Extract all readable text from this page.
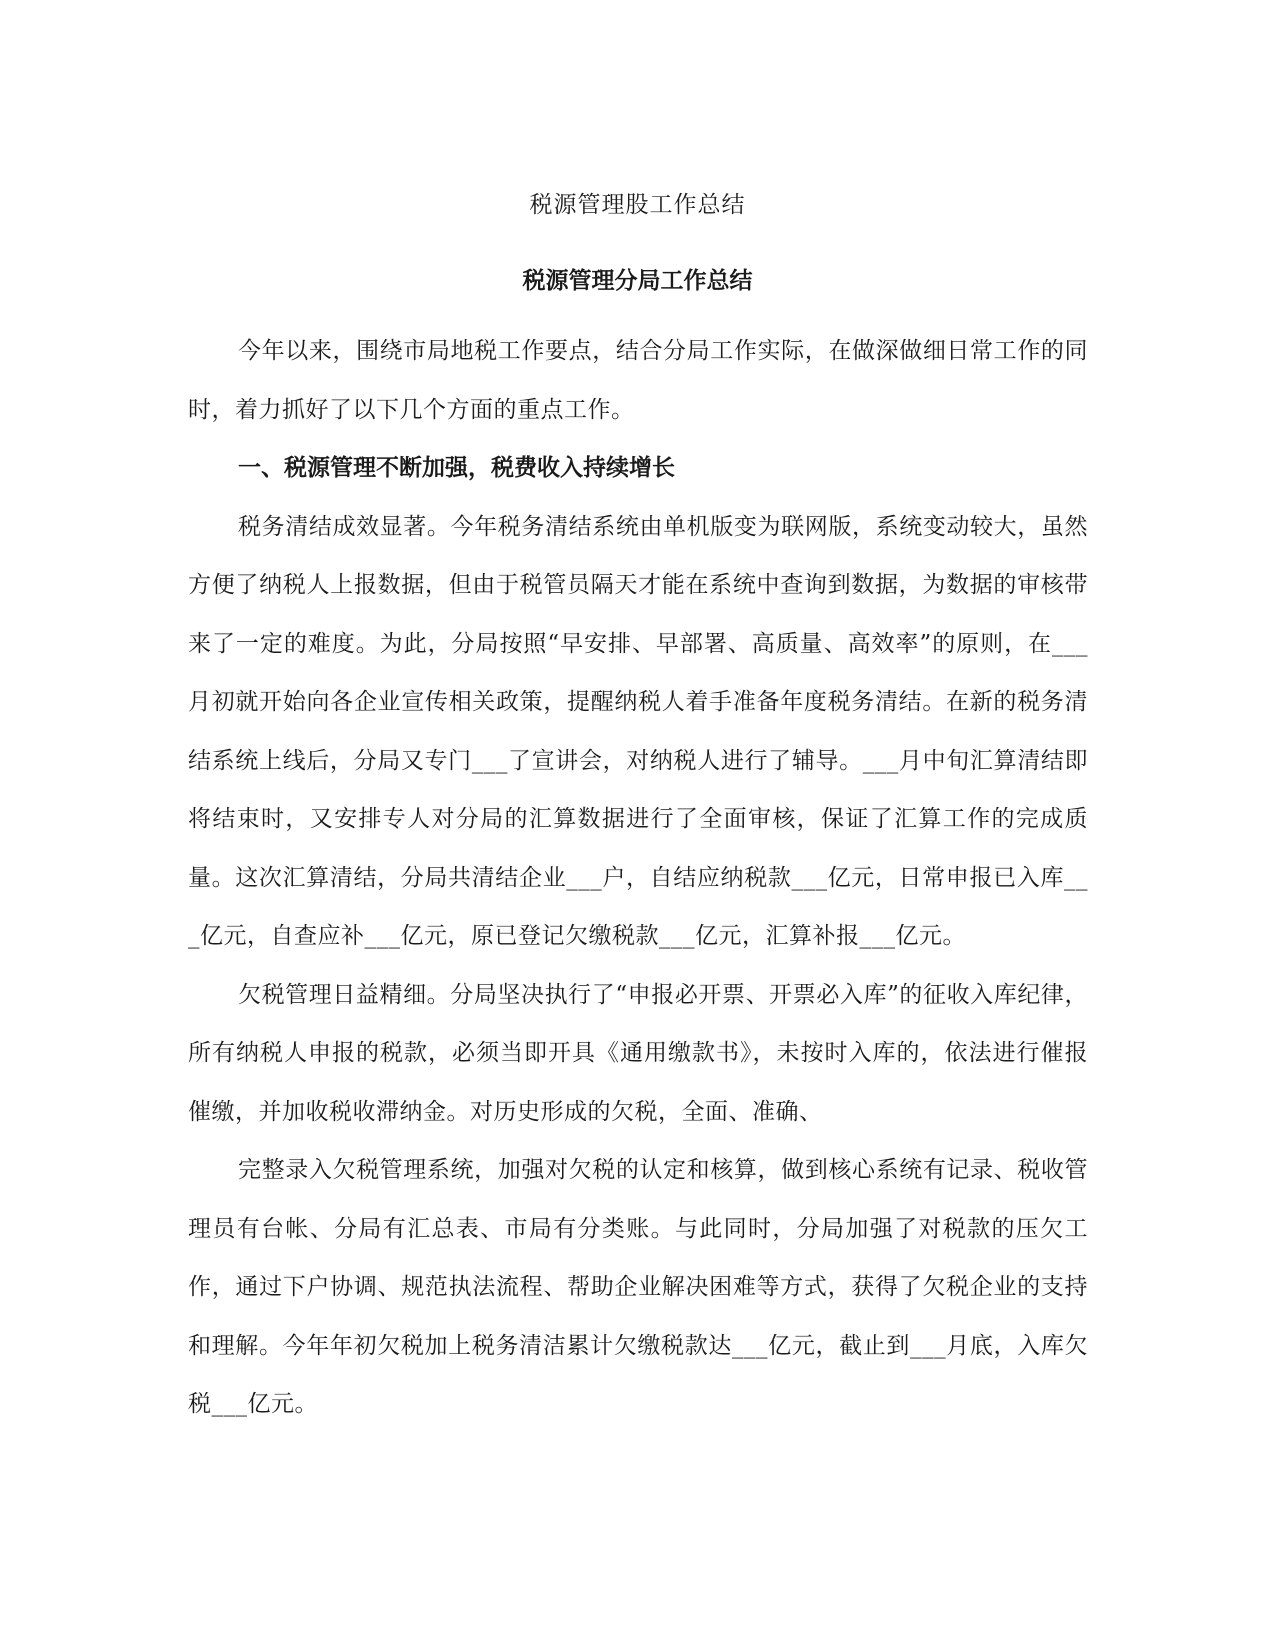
税源管理股工作总结
税源管理分局工作总结

今年以来，围绕市局地税工作要点，结合分局工作实际，在做深做细日常工作的同时，着力抓好了以下几个方面的重点工作。

一、税源管理不断加强，税费收入持续增长

税务清结成效显著。今年税务清结系统由单机版变为联网版，系统变动较大，虽然方便了纳税人上报数据，但由于税管员隔天才能在系统中查询到数据，为数据的审核带来了一定的难度。为此，分局按照“早安排、早部署、高质量、高效率”的原则，在___月初就开始向各企业宣传相关政策，提醒纳税人着手准备年度税务清结。在新的税务清结系统上线后，分局又专门___了宣讲会，对纳税人进行了辅导。___月中旬汇算清结即将结束时，又安排专人对分局的汇算数据进行了全面审核，保证了汇算工作的完成质量。这次汇算清结，分局共清结企业___户，自结应纳税款___亿元，日常申报已入库___亿元，自查应补___亿元，原已登记欠缴税款___亿元，汇算补报___亿元。

欠税管理日益精细。分局坚决执行了“申报必开票、开票必入库”的征收入库纪律，所有纳税人申报的税款，必须当即开具《通用缴款书》，未按时入库的，依法进行催报催缴，并加收税收滞纳金。对历史形成的欠税，全面、准确、

完整录入欠税管理系统，加强对欠税的认定和核算，做到核心系统有记录、税收管理员有台帐、分局有汇总表、市局有分类账。与此同时，分局加强了对税款的压欠工作，通过下户协调、规范执法流程、帮助企业解决困难等方式，获得了欠税企业的支持和理解。今年年初欠税加上税务清洁累计欠缴税款达___亿元，截止到___月底，入库欠税___亿元。
